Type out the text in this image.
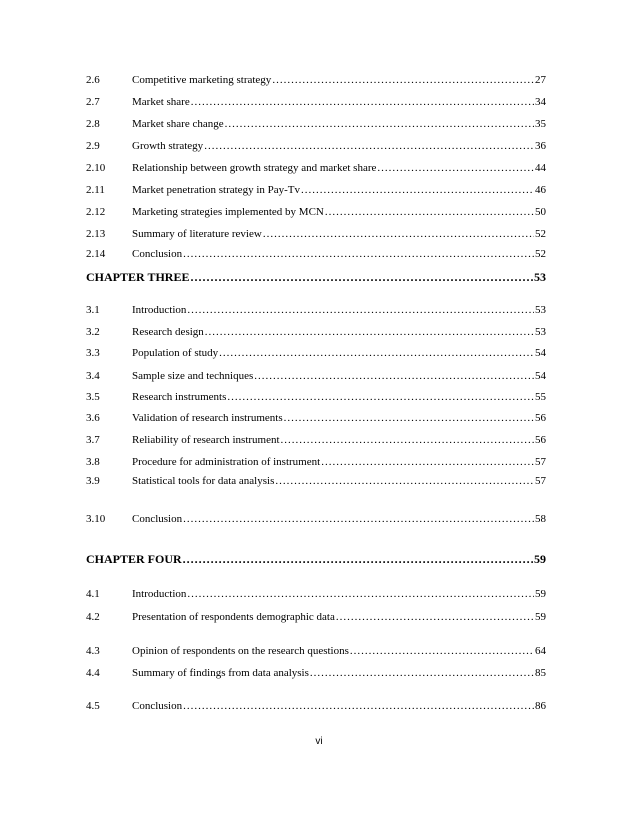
2.6	Competitive marketing strategy .....	27
2.7	Market share .....	34
2.8	Market share change .....	35
2.9	Growth strategy .....	36
2.10	Relationship between growth strategy and market share .....	44
2.11	Market penetration strategy in Pay-Tv .....	46
2.12	Marketing strategies implemented by MCN .....	50
2.13	Summary of literature review .....	52
2.14	Conclusion .....	52
CHAPTER THREE .....	53
3.1	Introduction .....	53
3.2	Research design .....	53
3.3	Population of study .....	54
3.4	Sample size and techniques .....	54
3.5	Research instruments .....	55
3.6	Validation of research instruments .....	56
3.7	Reliability of research instrument .....	56
3.8	Procedure for administration of instrument .....	57
3.9	Statistical tools for data analysis .....	57
3.10	Conclusion .....	58
CHAPTER FOUR .....	59
4.1	Introduction .....	59
4.2	Presentation of respondents demographic data .....	59
4.3	Opinion of respondents on the research questions .....	64
4.4	Summary of findings from data analysis .....	85
4.5	Conclusion .....	86
vi
